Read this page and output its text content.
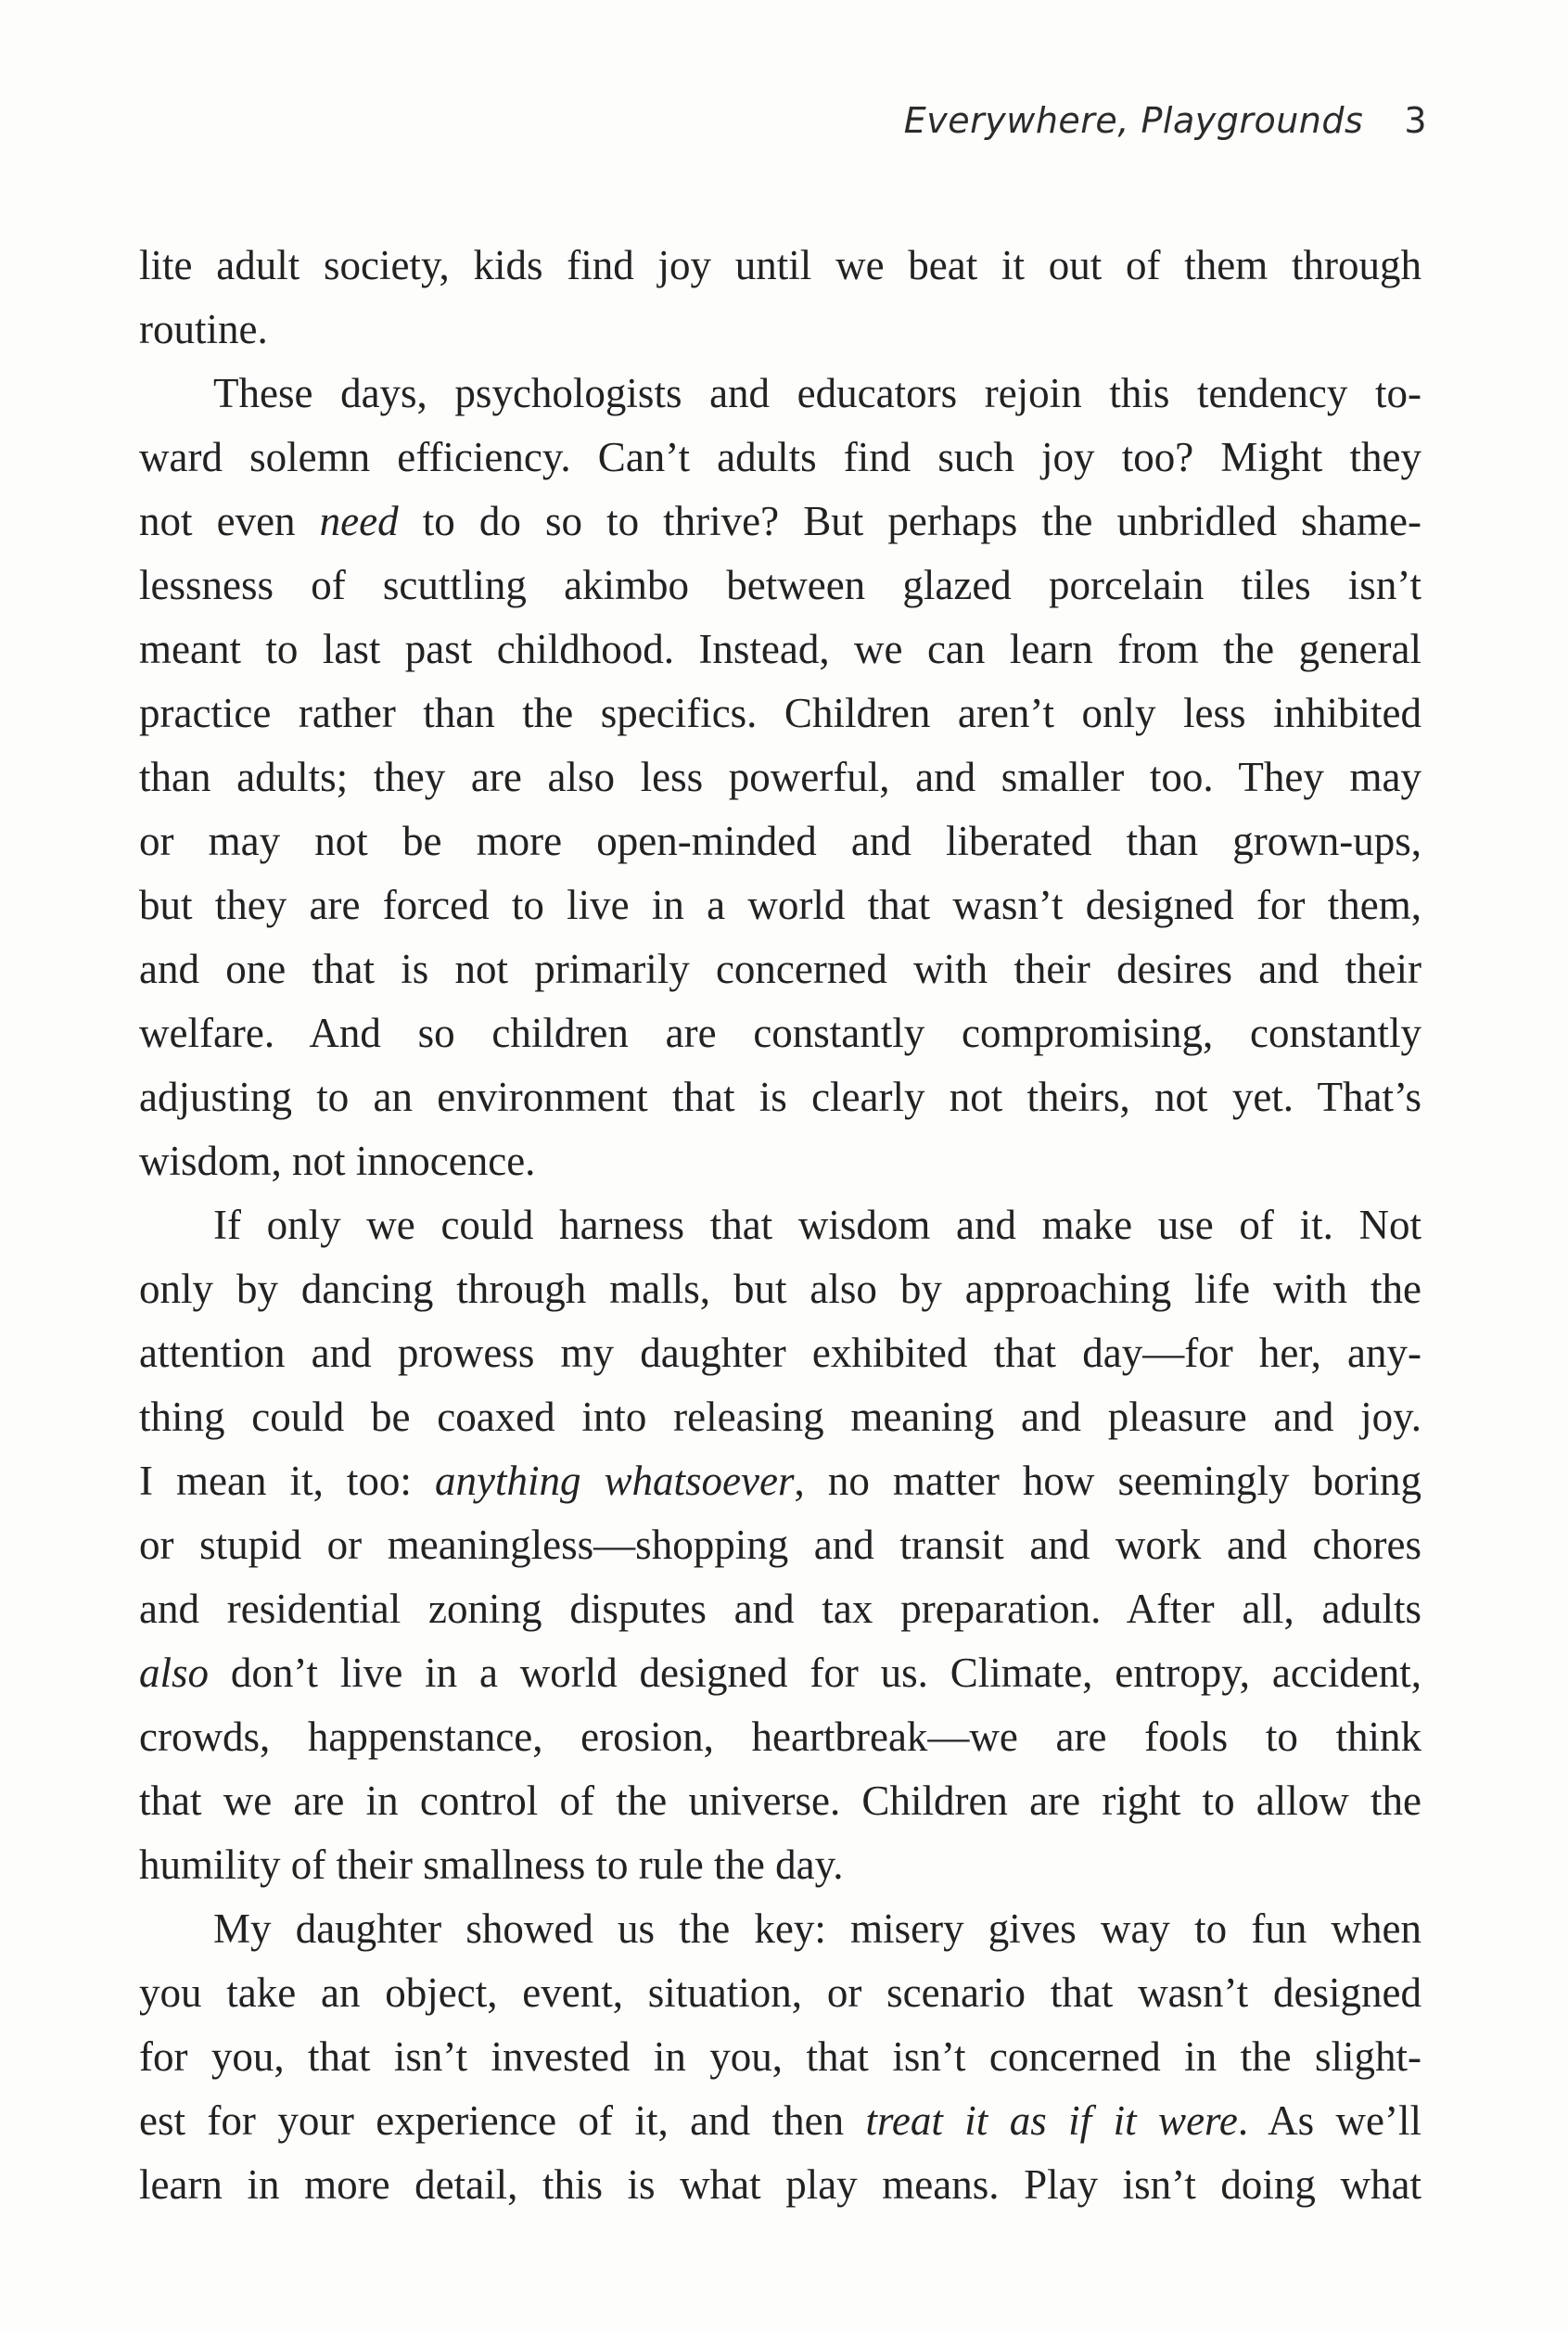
Everywhere, Playgrounds 3
lite adult society, kids find joy until we beat it out of them through
routine.
These days, psychologists and educators rejoin this tendency to-
ward solemn efficiency. Can’t adults find such joy too? Might they
not even need to do so to thrive? But perhaps the unbridled shame-
lessness of scuttling akimbo between glazed porcelain tiles isn’t
meant to last past childhood. Instead, we can learn from the general
practice rather than the specifics. Children aren’t only less inhibited
than adults; they are also less powerful, and smaller too. They may
or may not be more open-minded and liberated than grown-ups,
but they are forced to live in a world that wasn’t designed for them,
and one that is not primarily concerned with their desires and their
welfare. And so children are constantly compromising, constantly
adjusting to an environment that is clearly not theirs, not yet. That’s
wisdom, not innocence.
If only we could harness that wisdom and make use of it. Not
only by dancing through malls, but also by approaching life with the
attention and prowess my daughter exhibited that day—for her, any-
thing could be coaxed into releasing meaning and pleasure and joy.
I mean it, too: anything whatsoever, no matter how seemingly boring
or stupid or meaningless—shopping and transit and work and chores
and residential zoning disputes and tax preparation. After all, adults
also don’t live in a world designed for us. Climate, entropy, accident,
crowds, happenstance, erosion, heartbreak—we are fools to think
that we are in control of the universe. Children are right to allow the
humility of their smallness to rule the day.
My daughter showed us the key: misery gives way to fun when
you take an object, event, situation, or scenario that wasn’t designed
for you, that isn’t invested in you, that isn’t concerned in the slight-
est for your experience of it, and then treat it as if it were. As we’ll
learn in more detail, this is what play means. Play isn’t doing what
